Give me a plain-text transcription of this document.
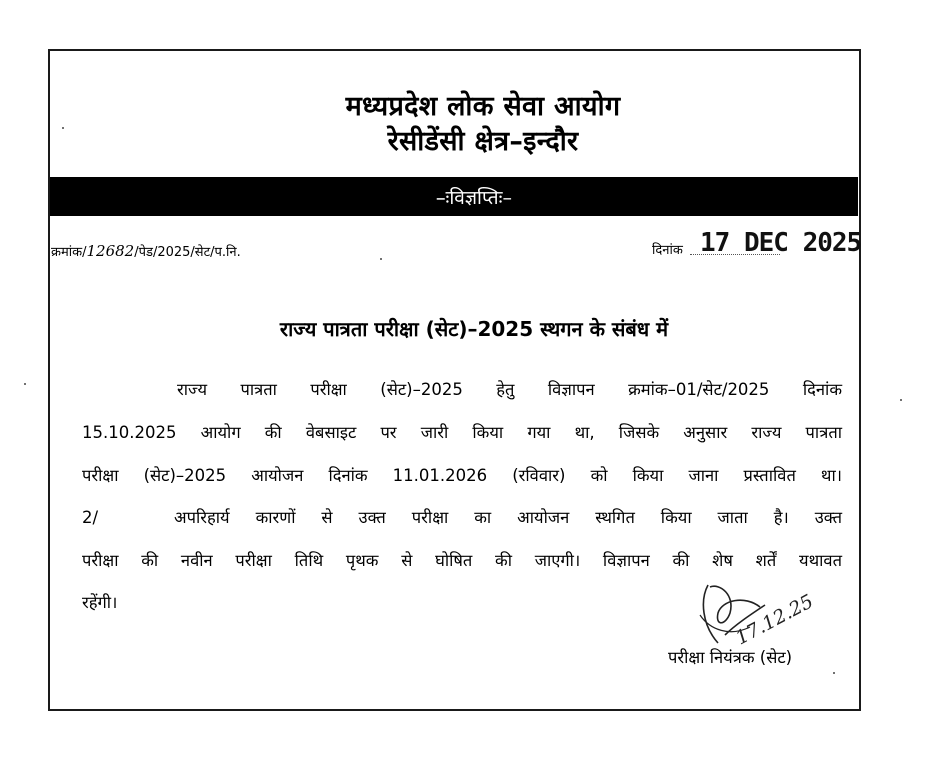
मध्यप्रदेश लोक सेवा आयोग
रेसीडेंसी क्षेत्र–इन्दौर
–ःविज्ञप्तिः–
क्रमांक/12682/पेड/2025/सेट/प.नि.	दिनांक 17 DEC 2025
राज्य पात्रता परीक्षा (सेट)–2025 स्थगन के संबंध में
राज्य पात्रता परीक्षा (सेट)–2025 हेतु विज्ञापन क्रमांक–01/सेट/2025 दिनांक
15.10.2025 आयोग की वेबसाइट पर जारी किया गया था, जिसके अनुसार राज्य पात्रता
परीक्षा (सेट)–2025 आयोजन दिनांक 11.01.2026 (रविवार) को किया जाना प्रस्तावित था।
2/	अपरिहार्य कारणों से उक्त परीक्षा का आयोजन स्थगित किया जाता है। उक्त
परीक्षा की नवीन परीक्षा तिथि पृथक से घोषित की जाएगी। विज्ञापन की शेष शर्तें यथावत
रहेंगी।	17.12.25
परीक्षा नियंत्रक (सेट)
